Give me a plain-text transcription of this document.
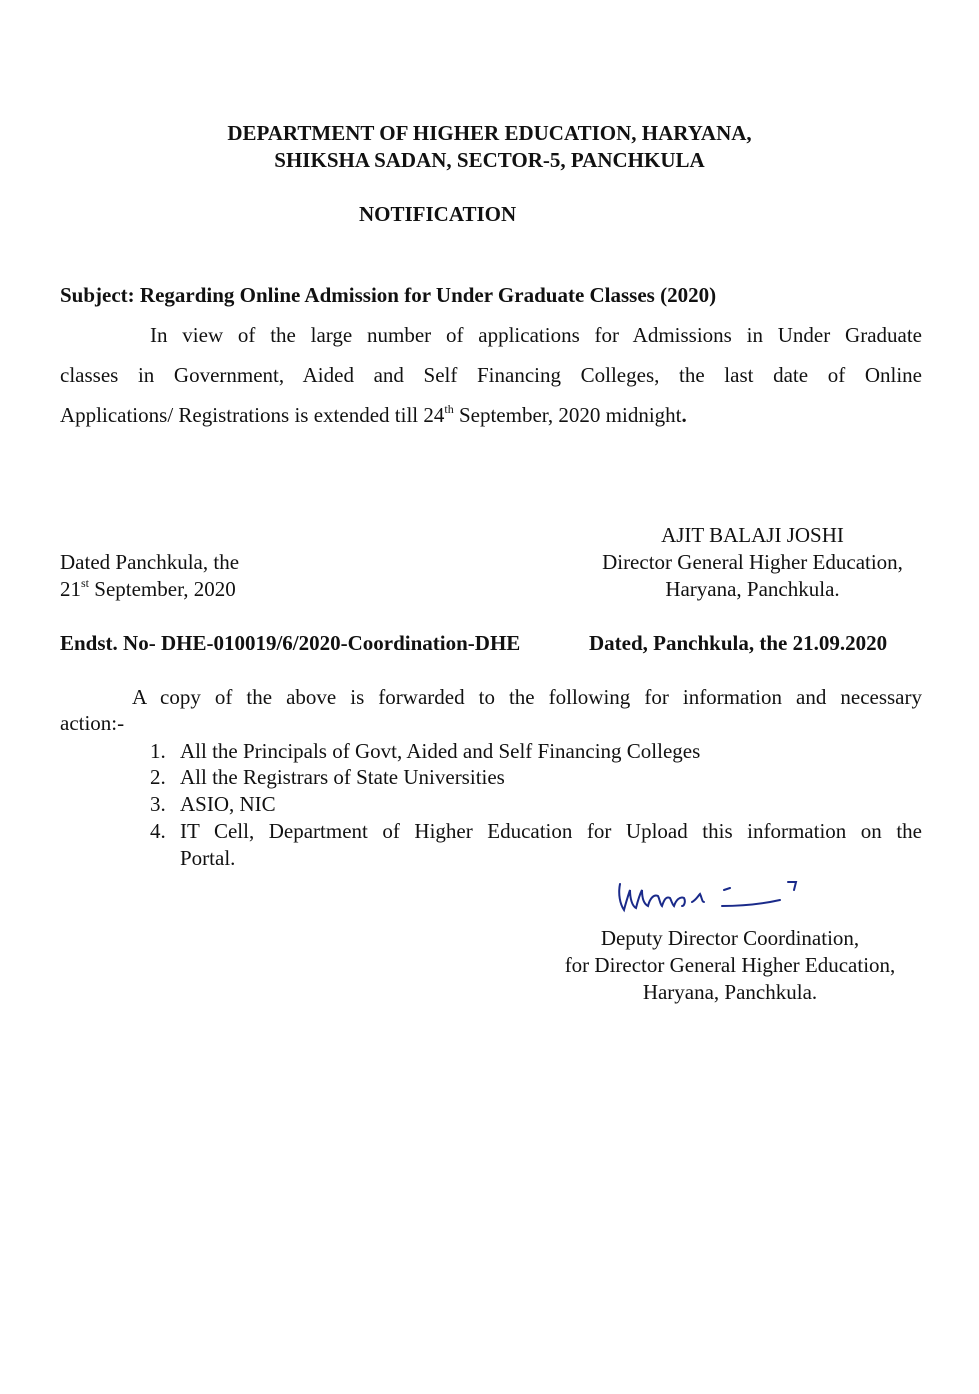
DEPARTMENT OF HIGHER EDUCATION, HARYANA,
SHIKSHA SADAN, SECTOR-5, PANCHKULA
NOTIFICATION
Subject: Regarding Online Admission for Under Graduate Classes (2020)
In view of the large number of applications for Admissions in Under Graduate
classes in Government, Aided and Self Financing Colleges, the last date of Online
Applications/ Registrations is extended till 24th September, 2020 midnight.
AJIT BALAJI JOSHI
Director General Higher Education,
Haryana, Panchkula.
Dated Panchkula, the
21st September, 2020
Endst. No- DHE-010019/6/2020-Coordination-DHE	Dated, Panchkula, the 21.09.2020
A copy of the above is forwarded to the following for information and necessary
action:-
1. All the Principals of Govt, Aided and Self Financing Colleges
2. All the Registrars of State Universities
3. ASIO, NIC
4. IT Cell, Department of Higher Education for Upload this information on the
Portal.
Deputy Director Coordination,
for Director General Higher Education,
Haryana, Panchkula.
